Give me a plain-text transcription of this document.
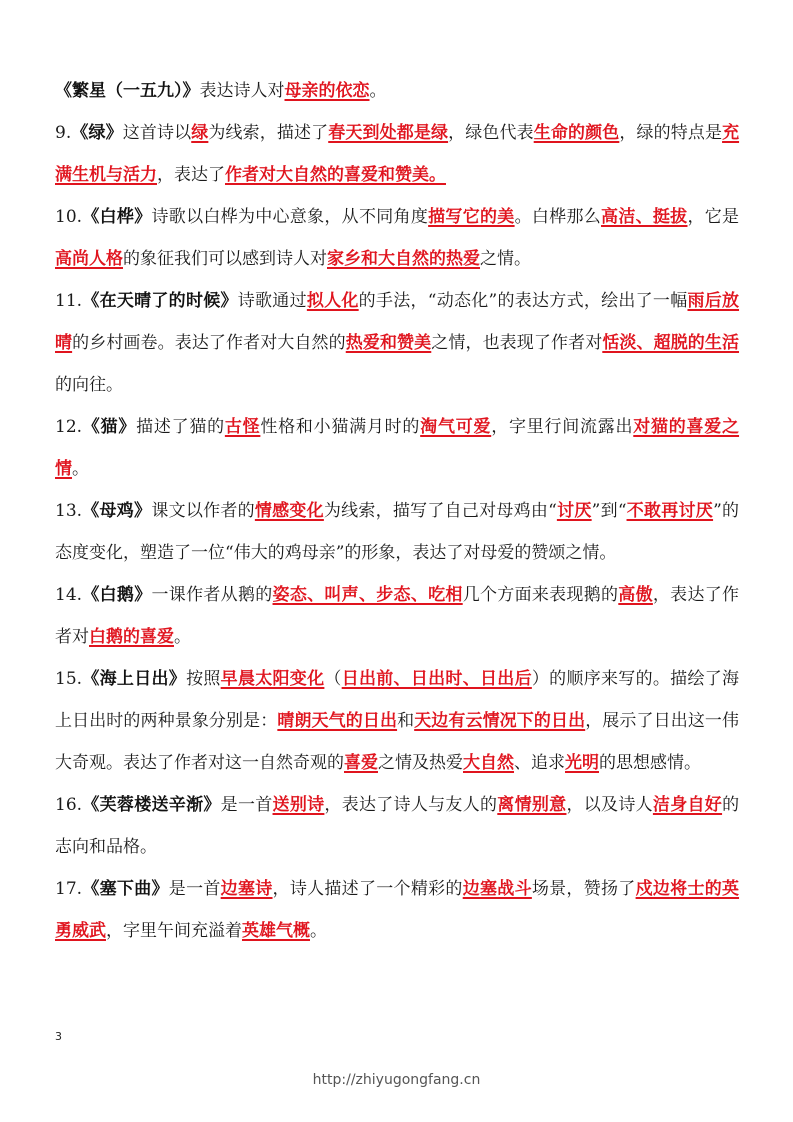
《繁星（一五九）》表达诗人对母亲的依恋。

9.《绿》这首诗以绿为线索，描述了春天到处都是绿，绿色代表生命的颜色，绿的特点是充满生机与活力，表达了作者对大自然的喜爱和赞美。

10.《白桦》诗歌以白桦为中心意象，从不同角度描写它的美。白桦那么高洁、挺拔，它是高尚人格的象征我们可以感到诗人对家乡和大自然的热爱之情。

11.《在天晴了的时候》诗歌通过拟人化的手法，“动态化”的表达方式，绘出了一幅雨后放晴的乡村画卷。表达了作者对大自然的热爱和赞美之情，也表现了作者对恬淡、超脱的生活的向往。

12.《猫》描述了猫的古怪性格和小猫满月时的淘气可爱，字里行间流露出对猫的喜爱之情。

13.《母鸡》课文以作者的情感变化为线索，描写了自己对母鸡由“讨厌”到“不敢再讨厌”的态度变化，塑造了一位“伟大的鸡母亲”的形象，表达了对母爱的赞颂之情。

14.《白鹅》一课作者从鹅的姿态、叫声、步态、吃相几个方面来表现鹅的高傲，表达了作者对白鹅的喜爱。

15.《海上日出》按照早晨太阳变化（日出前、日出时、日出后）的顺序来写的。描绘了海上日出时的两种景象分别是：晴朗天气的日出和天边有云情况下的日出，展示了日出这一伟大奇观。表达了作者对这一自然奇观的喜爱之情及热爱大自然、追求光明的思想感情。

16.《芙蓉楼送辛渐》是一首送别诗，表达了诗人与友人的离情别意，以及诗人洁身自好的志向和品格。

17.《塞下曲》是一首边塞诗，诗人描述了一个精彩的边塞战斗场景，赞扬了戍边将士的英勇威武，字里午间充溢着英雄气概。

3
http://zhiyugongfang.cn
